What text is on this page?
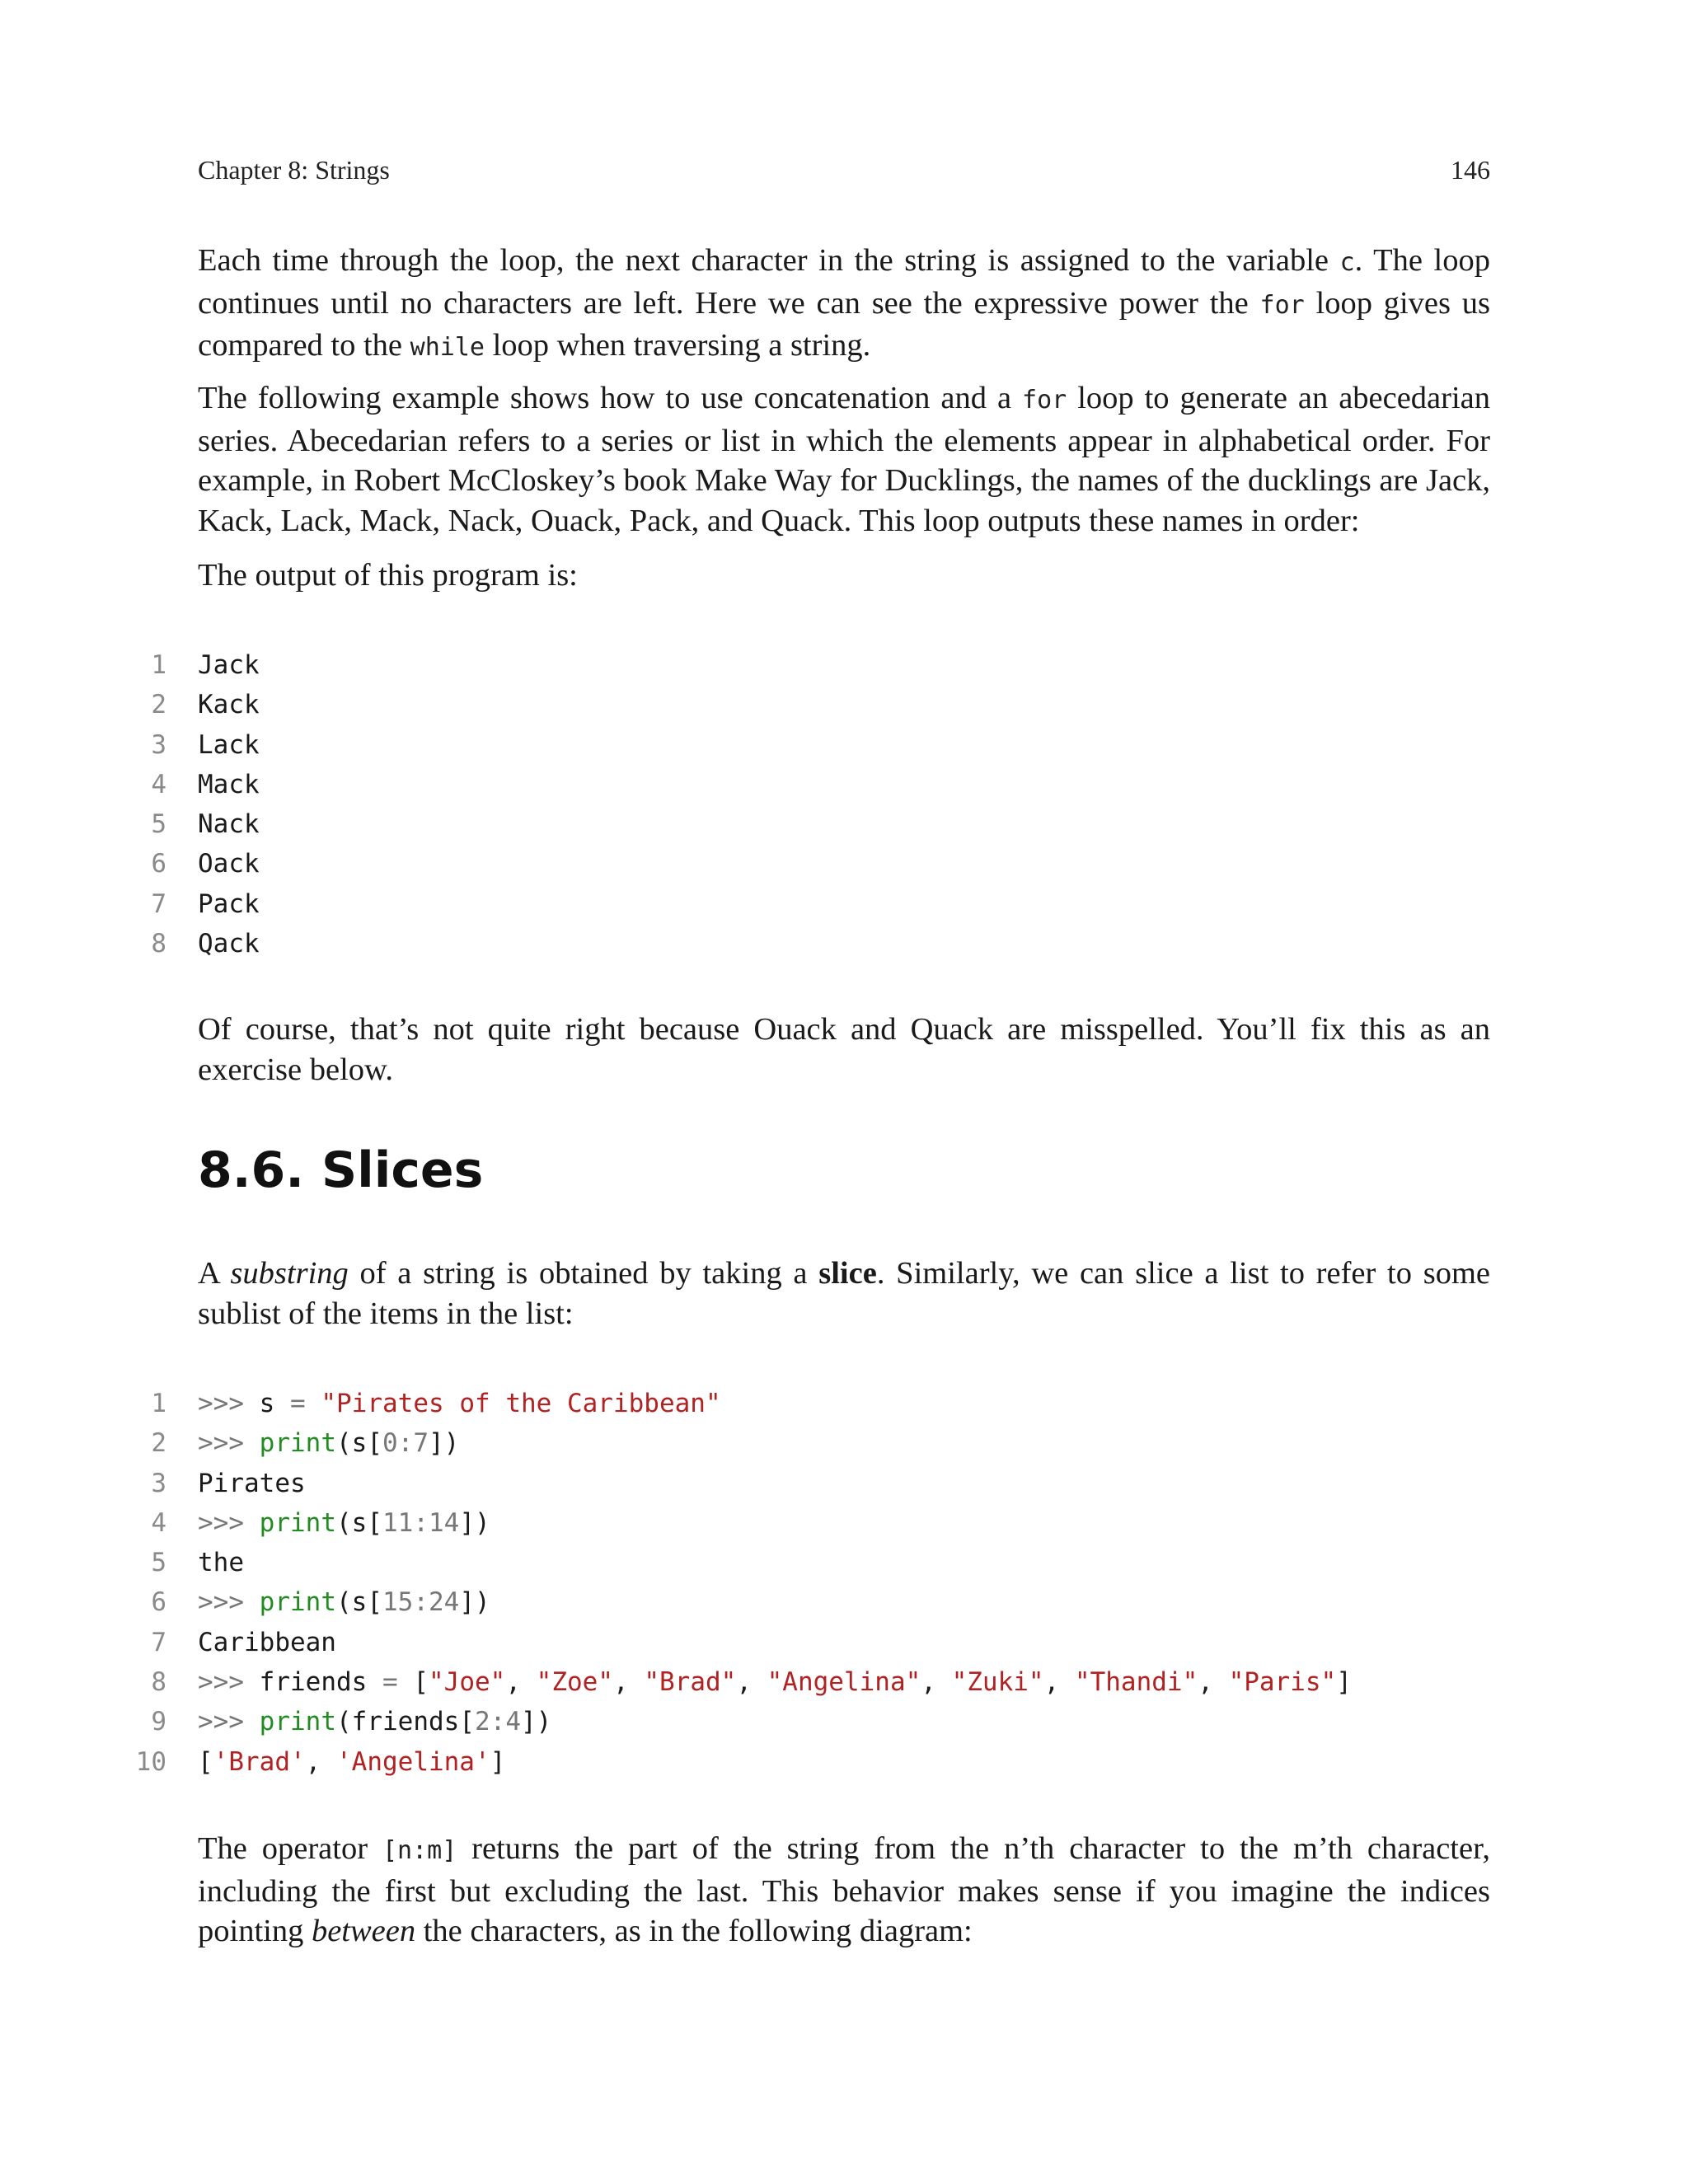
Chapter 8: Strings	146

Each time through the loop, the next character in the string is assigned to the variable c. The loop continues until no characters are left. Here we can see the expressive power the for loop gives us compared to the while loop when traversing a string.

The following example shows how to use concatenation and a for loop to generate an abecedarian series. Abecedarian refers to a series or list in which the elements appear in alphabetical order. For example, in Robert McCloskey’s book Make Way for Ducklings, the names of the ducklings are Jack, Kack, Lack, Mack, Nack, Ouack, Pack, and Quack. This loop outputs these names in order:

The output of this program is:

1 Jack
2 Kack
3 Lack
4 Mack
5 Nack
6 Oack
7 Pack
8 Qack

Of course, that’s not quite right because Ouack and Quack are misspelled. You’ll fix this as an exercise below.

8.6. Slices

A substring of a string is obtained by taking a slice. Similarly, we can slice a list to refer to some sublist of the items in the list:

1 >>> s = "Pirates of the Caribbean"
2 >>> print(s[0:7])
3 Pirates
4 >>> print(s[11:14])
5 the
6 >>> print(s[15:24])
7 Caribbean
8 >>> friends = ["Joe", "Zoe", "Brad", "Angelina", "Zuki", "Thandi", "Paris"]
9 >>> print(friends[2:4])
10 ['Brad', 'Angelina']

The operator [n:m] returns the part of the string from the n’th character to the m’th character, including the first but excluding the last. This behavior makes sense if you imagine the indices pointing between the characters, as in the following diagram:
